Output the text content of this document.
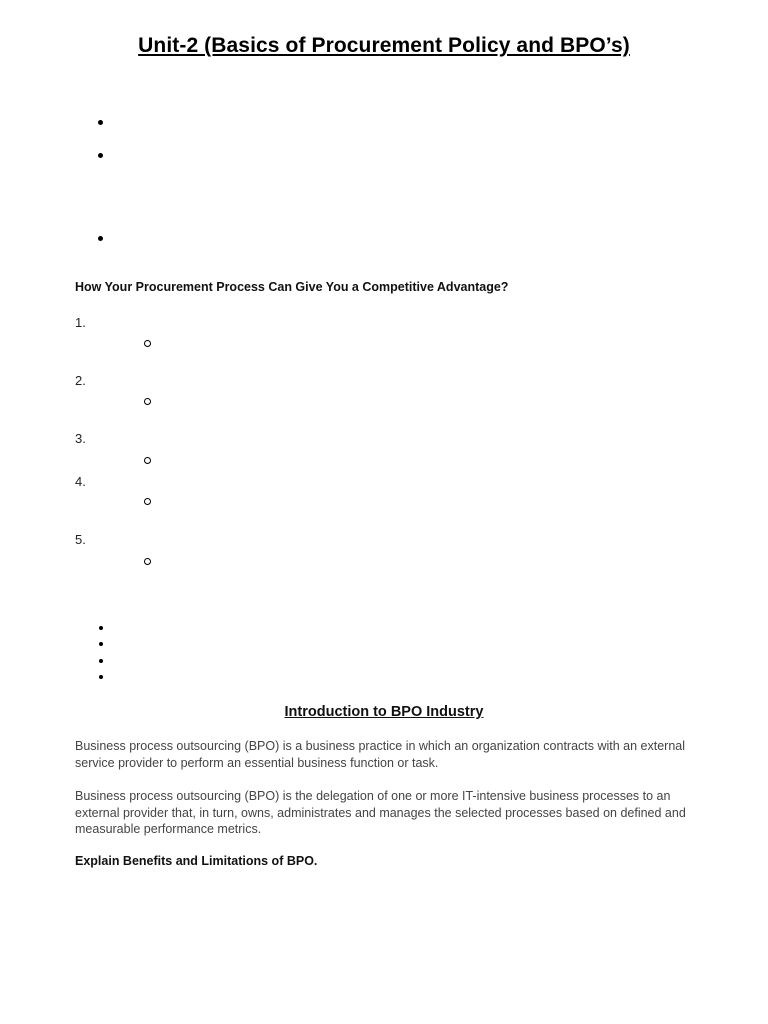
Unit-2 (Basics of Procurement Policy and BPO’s)
How Your Procurement Process Can Give You a Competitive Advantage?
1.
2.
3.
4.
5.
Introduction to BPO Industry
Business process outsourcing (BPO) is a business practice in which an organization contracts with an external service provider to perform an essential business function or task.
Business process outsourcing (BPO) is the delegation of one or more IT-intensive business processes to an external provider that, in turn, owns, administrates and manages the selected processes based on defined and measurable performance metrics.
Explain Benefits and Limitations of BPO.
